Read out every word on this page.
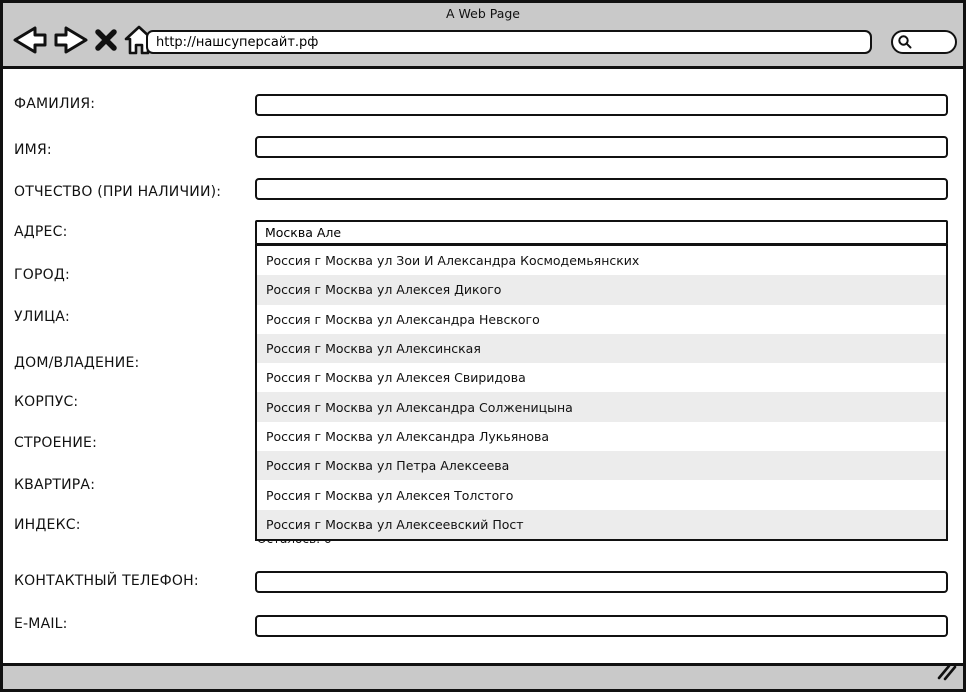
A Web Page
http://нашсуперсайт.рф
ФАМИЛИЯ:
ИМЯ:
ОТЧЕСТВО (ПРИ НАЛИЧИИ):
АДРЕС:
ГОРОД:
УЛИЦА:
ДОМ/ВЛАДЕНИЕ:
КОРПУС:
СТРОЕНИЕ:
КВАРТИРА:
ИНДЕКС:
КОНТАКТНЫЙ ТЕЛЕФОН:
E-MAIL:
Москва Але
Россия г Москва ул Зои И Александра Космодемьянских
Россия г Москва ул Алексея Дикого
Россия г Москва ул Александра Невского
Россия г Москва ул Алексинская
Россия г Москва ул Алексея Свиридова
Россия г Москва ул Александра Солженицына
Россия г Москва ул Александра Лукьянова
Россия г Москва ул Петра Алексеева
Россия г Москва ул Алексея Толстого
Россия г Москва ул Алексеевский Пост
